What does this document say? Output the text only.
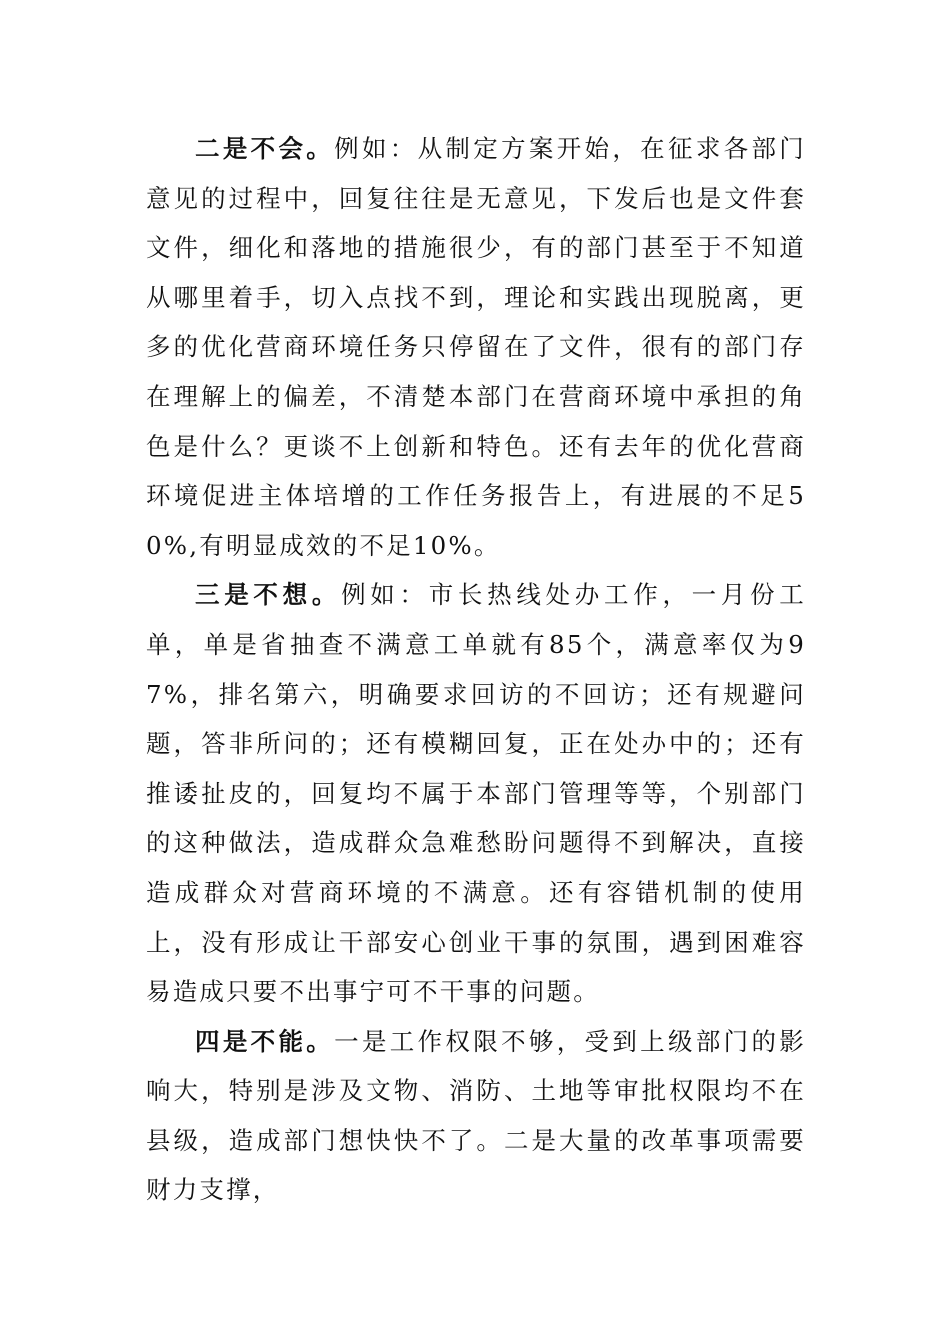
二是不会。例如：从制定方案开始，在征求各部门意见的过程中，回复往往是无意见，下发后也是文件套文件，细化和落地的措施很少，有的部门甚至于不知道从哪里着手，切入点找不到，理论和实践出现脱离，更多的优化营商环境任务只停留在了文件，很有的部门存在理解上的偏差，不清楚本部门在营商环境中承担的角色是什么？更谈不上创新和特色。还有去年的优化营商环境促进主体培增的工作任务报告上，有进展的不足50%,有明显成效的不足10%。

三是不想。例如：市长热线处办工作，一月份工单，单是省抽查不满意工单就有85个，满意率仅为97%，排名第六，明确要求回访的不回访；还有规避问题，答非所问的；还有模糊回复，正在处办中的；还有推诿扯皮的，回复均不属于本部门管理等等，个别部门的这种做法，造成群众急难愁盼问题得不到解决，直接造成群众对营商环境的不满意。还有容错机制的使用上，没有形成让干部安心创业干事的氛围，遇到困难容易造成只要不出事宁可不干事的问题。

四是不能。一是工作权限不够，受到上级部门的影响大，特别是涉及文物、消防、土地等审批权限均不在县级，造成部门想快快不了。二是大量的改革事项需要财力支撑，
